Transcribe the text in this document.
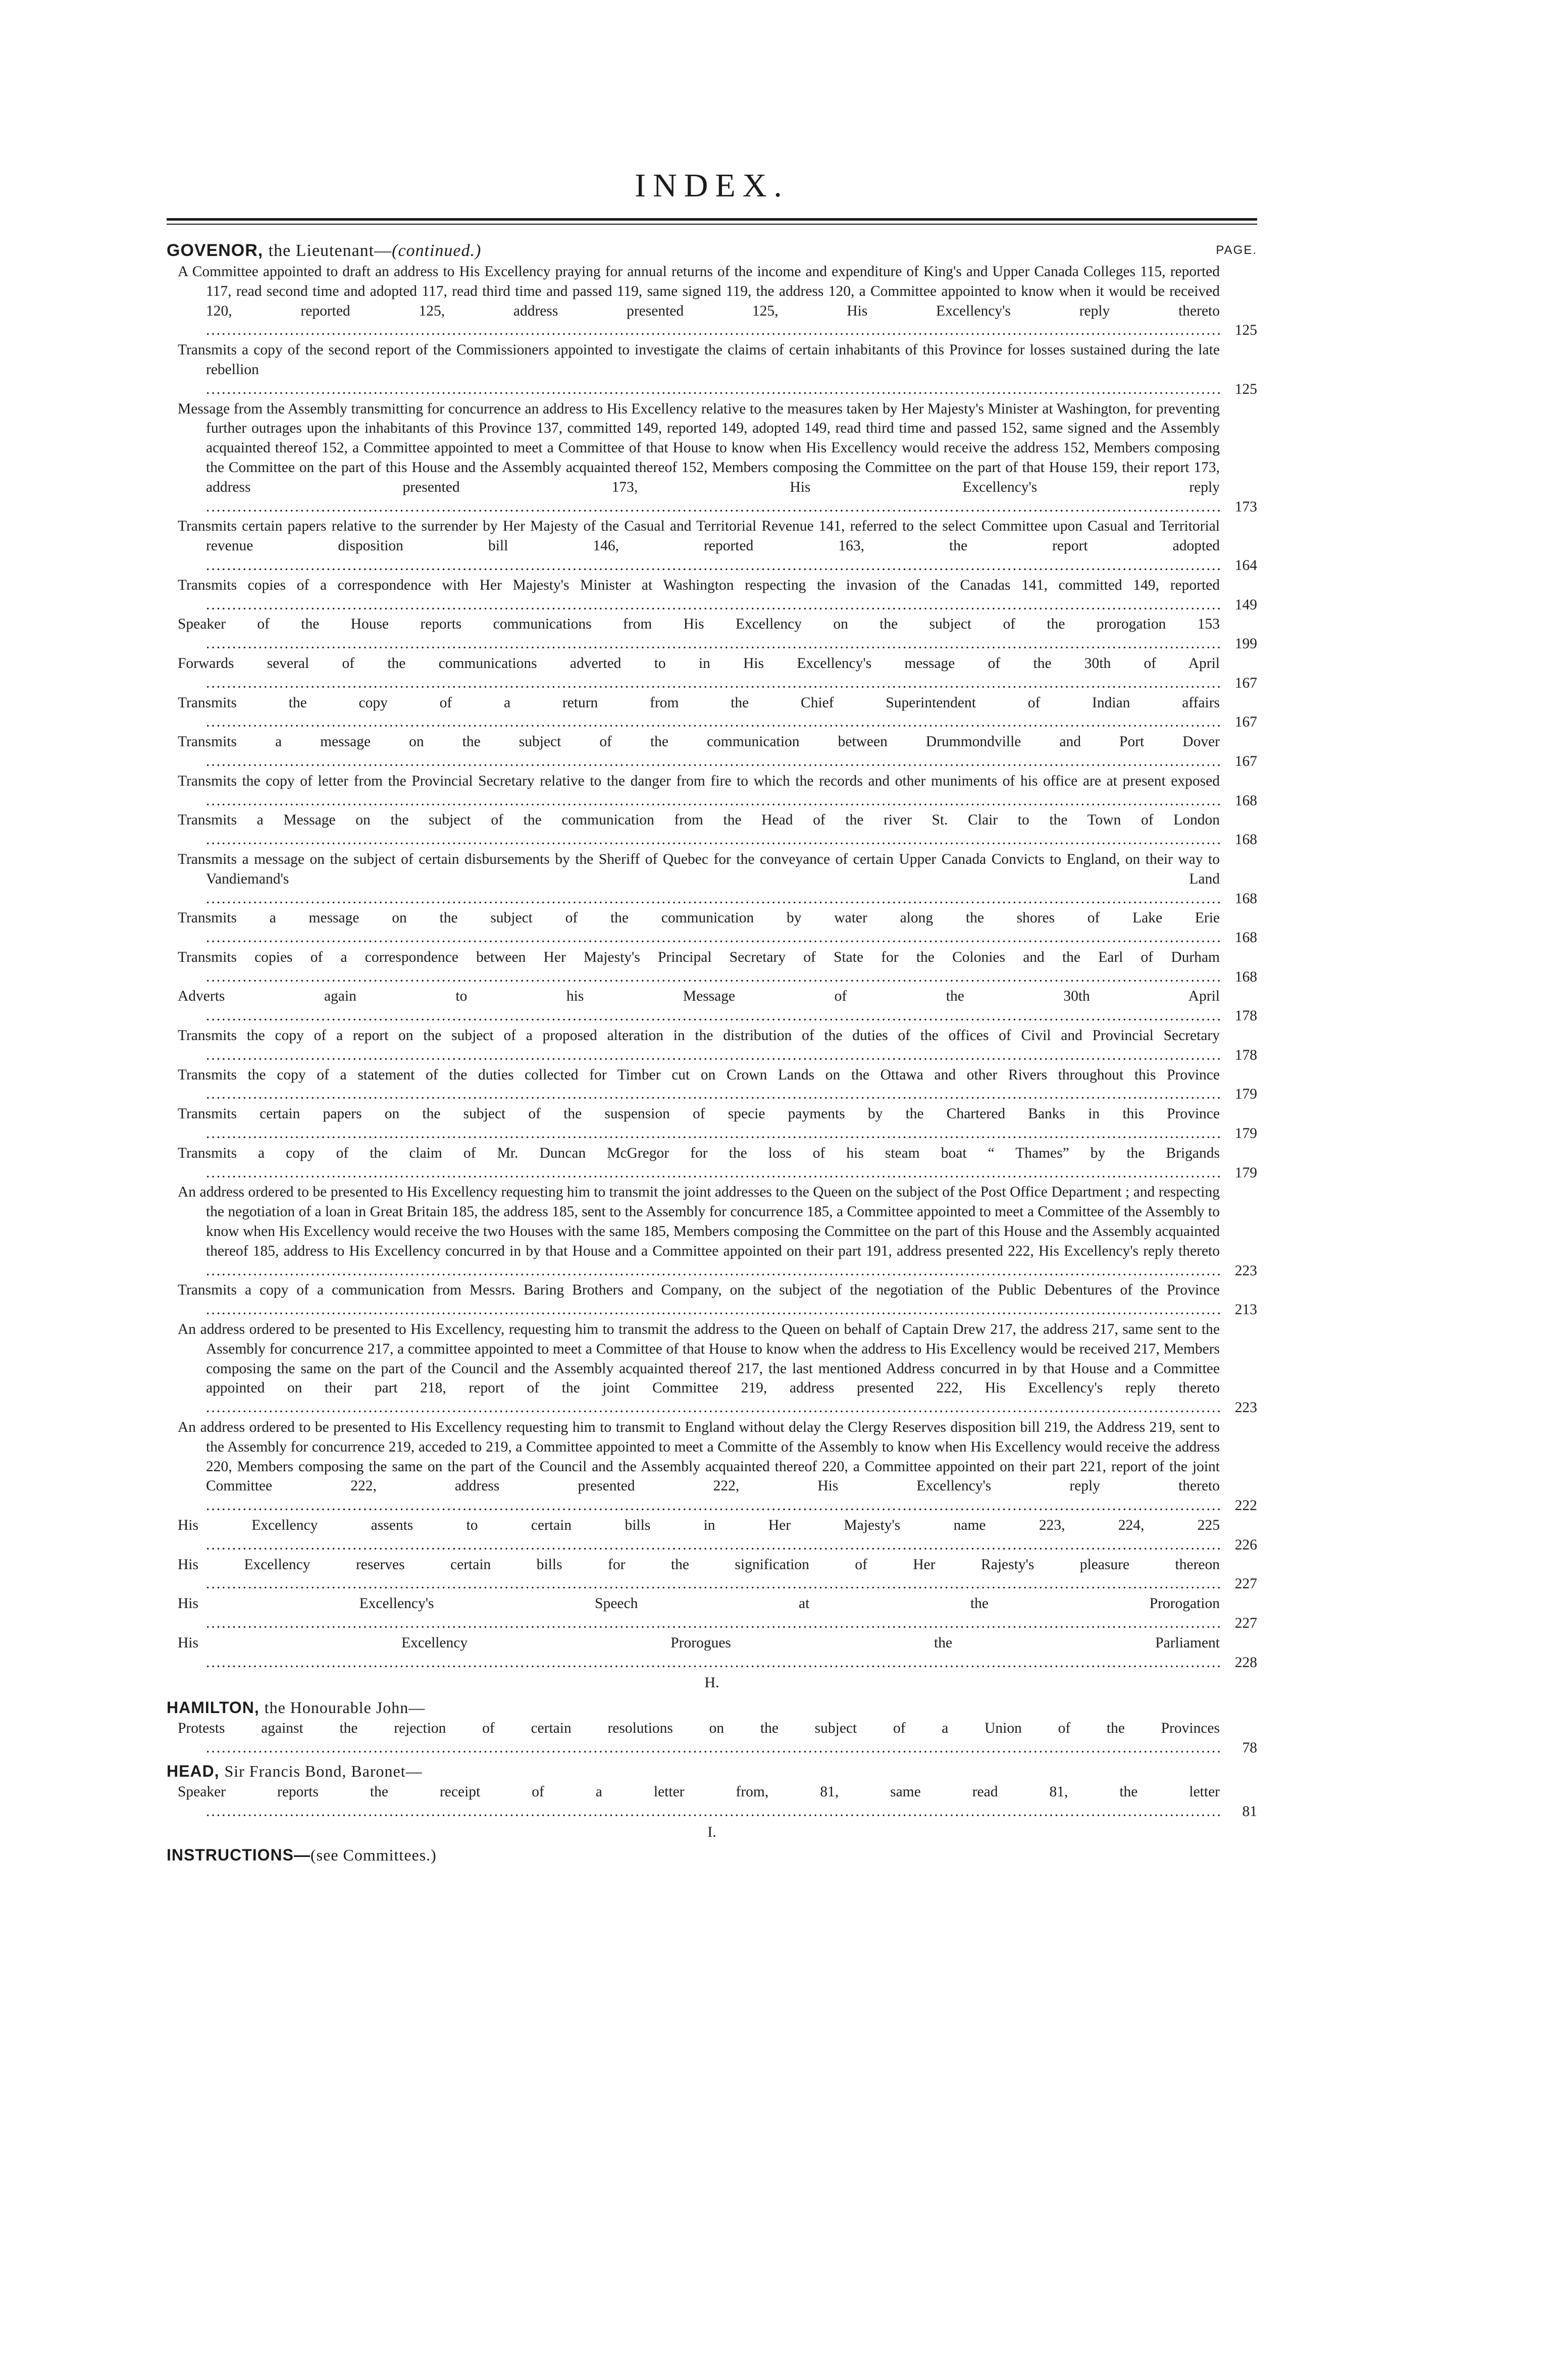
INDEX.
GOVENOR, the Lieutenant—(continued.)	PAGE.
A Committee appointed to draft an address to His Excellency praying for annual returns of the income and expenditure of King's and Upper Canada Colleges 115, reported 117, read second time and adopted 117, read third time and passed 119, same signed 119, the address 120, a Committee appointed to know when it would be received 120, reported 125, address presented 125, His Excellency's reply thereto .....
125
Transmits a copy of the second report of the Commissioners appointed to investigate the claims of certain inhabitants of this Province for losses sustained during the late rebellion .....
125
Message from the Assembly transmitting for concurrence an address to His Excellency relative to the measures taken by Her Majesty's Minister at Washington, for preventing further outrages upon the inhabitants of this Province 137, committed 149, reported 149, adopted 149, read third time and passed 152, same signed and the Assembly acquainted thereof 152, a Committee appointed to meet a Committee of that House to know when His Excellency would receive the address 152, Members composing the Committee on the part of this House and the Assembly acquainted thereof 152, Members composing the Committee on the part of that House 159, their report 173, address presented 173, His Excellency's reply .....
173
Transmits certain papers relative to the surrender by Her Majesty of the Casual and Territorial Revenue 141, referred to the select Committee upon Casual and Territorial revenue disposition bill 146, reported 163, the report adopted .....
164
Transmits copies of a correspondence with Her Majesty's Minister at Washington respecting the invasion of the Canadas 141, committed 149, reported .....
149
Speaker of the House reports communications from His Excellency on the subject of the prorogation 153 .....
199
Forwards several of the communications adverted to in His Excellency's message of the 30th of April .....
167
Transmits the copy of a return from the Chief Superintendent of Indian affairs .....
167
Transmits a message on the subject of the communication between Drummondville and Port Dover .....
167
Transmits the copy of letter from the Provincial Secretary relative to the danger from fire to which the records and other muniments of his office are at present exposed .....
168
Transmits a Message on the subject of the communication from the Head of the river St. Clair to the Town of London .....
168
Transmits a message on the subject of certain disbursements by the Sheriff of Quebec for the conveyance of certain Upper Canada Convicts to England, on their way to Vandiemand's Land .....
168
Transmits a message on the subject of the communication by water along the shores of Lake Erie .....
168
Transmits copies of a correspondence between Her Majesty's Principal Secretary of State for the Colonies and the Earl of Durham .....
168
Adverts again to his Message of the 30th April .....
178
Transmits the copy of a report on the subject of a proposed alteration in the distribution of the duties of the offices of Civil and Provincial Secretary .....
178
Transmits the copy of a statement of the duties collected for Timber cut on Crown Lands on the Ottawa and other Rivers throughout this Province .....
179
Transmits certain papers on the subject of the suspension of specie payments by the Chartered Banks in this Province .....
179
Transmits a copy of the claim of Mr. Duncan McGregor for the loss of his steam boat “ Thames” by the Brigands .....
179
An address ordered to be presented to His Excellency requesting him to transmit the joint addresses to the Queen on the subject of the Post Office Department ; and respecting the negotiation of a loan in Great Britain 185, the address 185, sent to the Assembly for concurrence 185, a Committee appointed to meet a Committee of the Assembly to know when His Excellency would receive the two Houses with the same 185, Members composing the Committee on the part of this House and the Assembly acquainted thereof 185, address to His Excellency concurred in by that House and a Committee appointed on their part 191, address presented 222, His Excellency's reply thereto .....
223
Transmits a copy of a communication from Messrs. Baring Brothers and Company, on the subject of the negotiation of the Public Debentures of the Province .....
213
An address ordered to be presented to His Excellency, requesting him to transmit the address to the Queen on behalf of Captain Drew 217, the address 217, same sent to the Assembly for concurrence 217, a committee appointed to meet a Committee of that House to know when the address to His Excellency would be received 217, Members composing the same on the part of the Council and the Assembly acquainted thereof 217, the last mentioned Address concurred in by that House and a Committee appointed on their part 218, report of the joint Committee 219, address presented 222, His Excellency's reply thereto .....
223
An address ordered to be presented to His Excellency requesting him to transmit to England without delay the Clergy Reserves disposition bill 219, the Address 219, sent to the Assembly for concurrence 219, acceded to 219, a Committee appointed to meet a Committe of the Assembly to know when His Excellency would receive the address 220, Members composing the same on the part of the Council and the Assembly acquainted thereof 220, a Committee appointed on their part 221, report of the joint Committee 222, address presented 222, His Excellency's reply thereto .....
222
His Excellency assents to certain bills in Her Majesty's name 223, 224, 225 .....
226
His Excellency reserves certain bills for the signification of Her Rajesty's pleasure thereon .....
227
His Excellency's Speech at the Prorogation .....
227
His Excellency Prorogues the Parliament .....
228
H.
HAMILTON, the Honourable John—
Protests against the rejection of certain resolutions on the subject of a Union of the Provinces .....
78
HEAD, Sir Francis Bond, Baronet—
Speaker reports the receipt of a letter from, 81, same read 81, the letter .....
81
I.
INSTRUCTIONS—(see Committees.)
